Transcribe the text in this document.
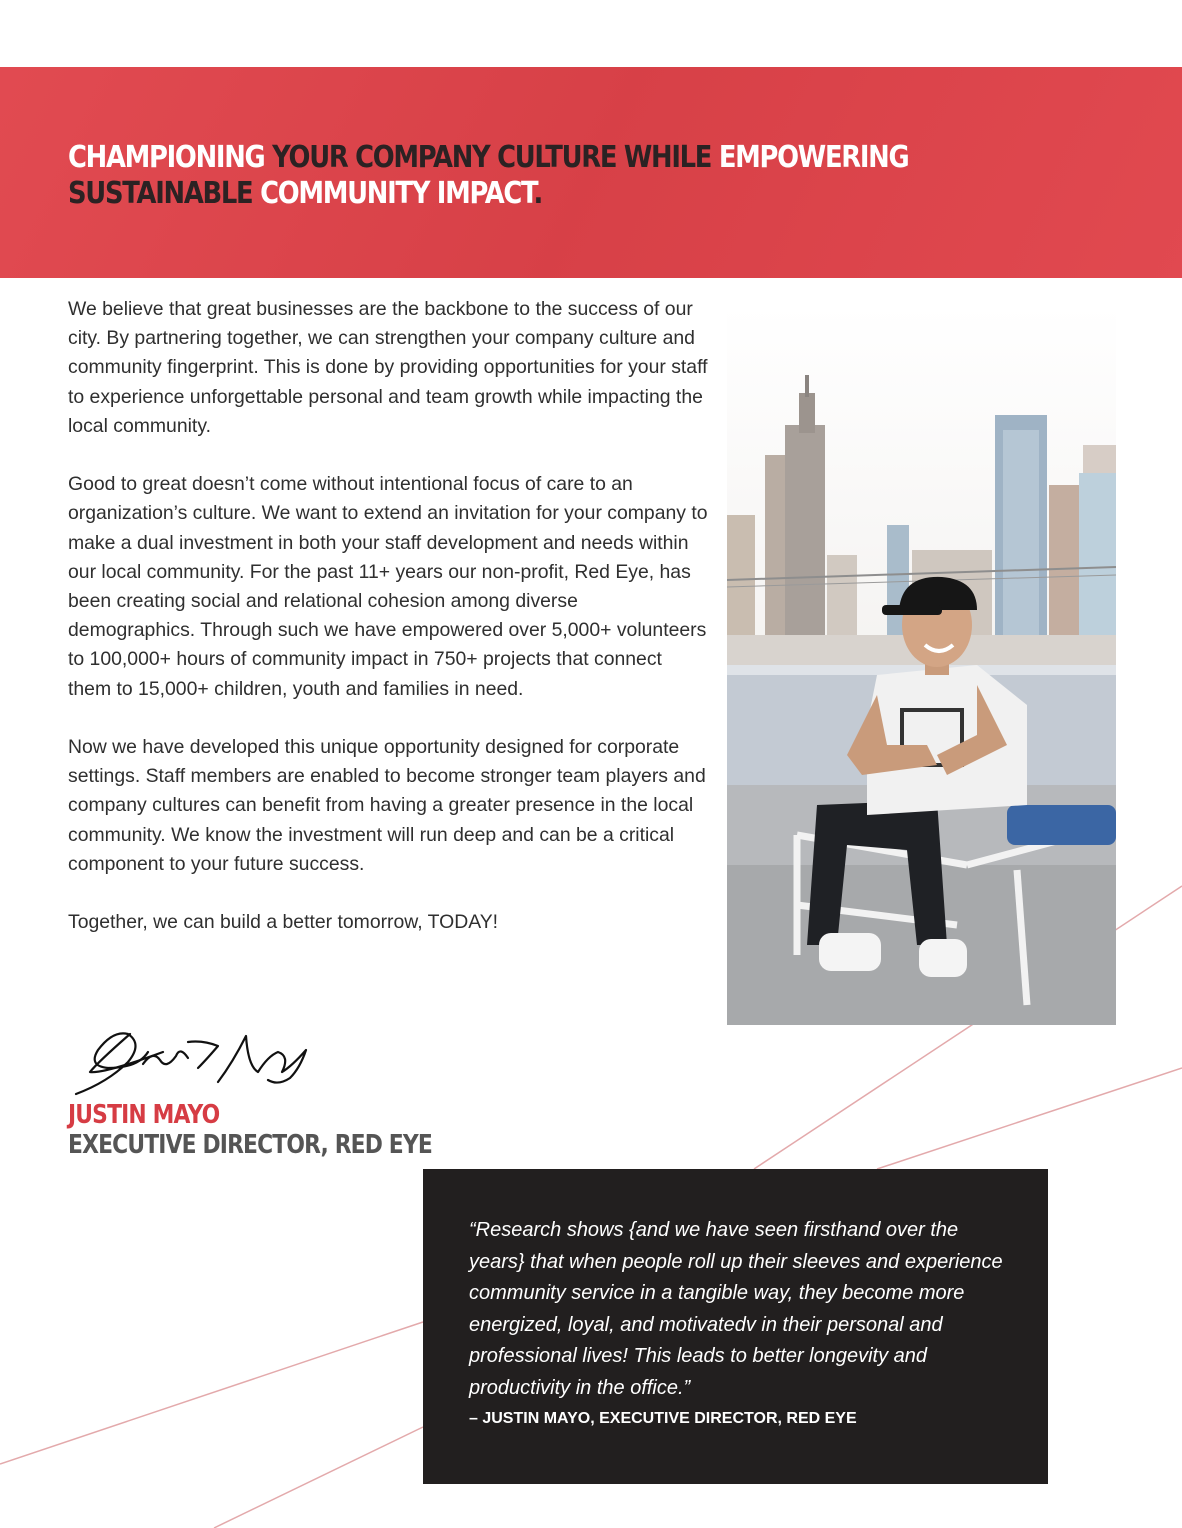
CHAMPIONING YOUR COMPANY CULTURE WHILE EMPOWERING
SUSTAINABLE COMMUNITY IMPACT.

We believe that great businesses are the backbone to the success of our city. By partnering together, we can strengthen your company culture and community fingerprint. This is done by providing opportunities for your staff to experience unforgettable personal and team growth while impacting the local community.

Good to great doesn’t come without intentional focus of care to an organization’s culture. We want to extend an invitation for your company to make a dual investment in both your staff development and needs within our local community. For the past 11+ years our non-profit, Red Eye, has been creating social and relational cohesion among diverse demographics. Through such we have empowered over 5,000+ volunteers to 100,000+ hours of community impact in 750+ projects that connect them to 15,000+ children, youth and families in need.

Now we have developed this unique opportunity designed for corporate settings. Staff members are enabled to become stronger team players and company cultures can benefit from having a greater presence in the local community. We know the investment will run deep and can be a critical component to your future success.

Together, we can build a better tomorrow, TODAY!

JUSTIN MAYO

EXECUTIVE DIRECTOR, RED EYE

“Research shows {and we have seen firsthand over the years} that when people roll up their sleeves and experience community service in a tangible way, they become more energized, loyal, and motivatedv in their personal and professional lives! This leads to better longevity and productivity in the office.”

– JUSTIN MAYO, EXECUTIVE DIRECTOR, RED EYE
